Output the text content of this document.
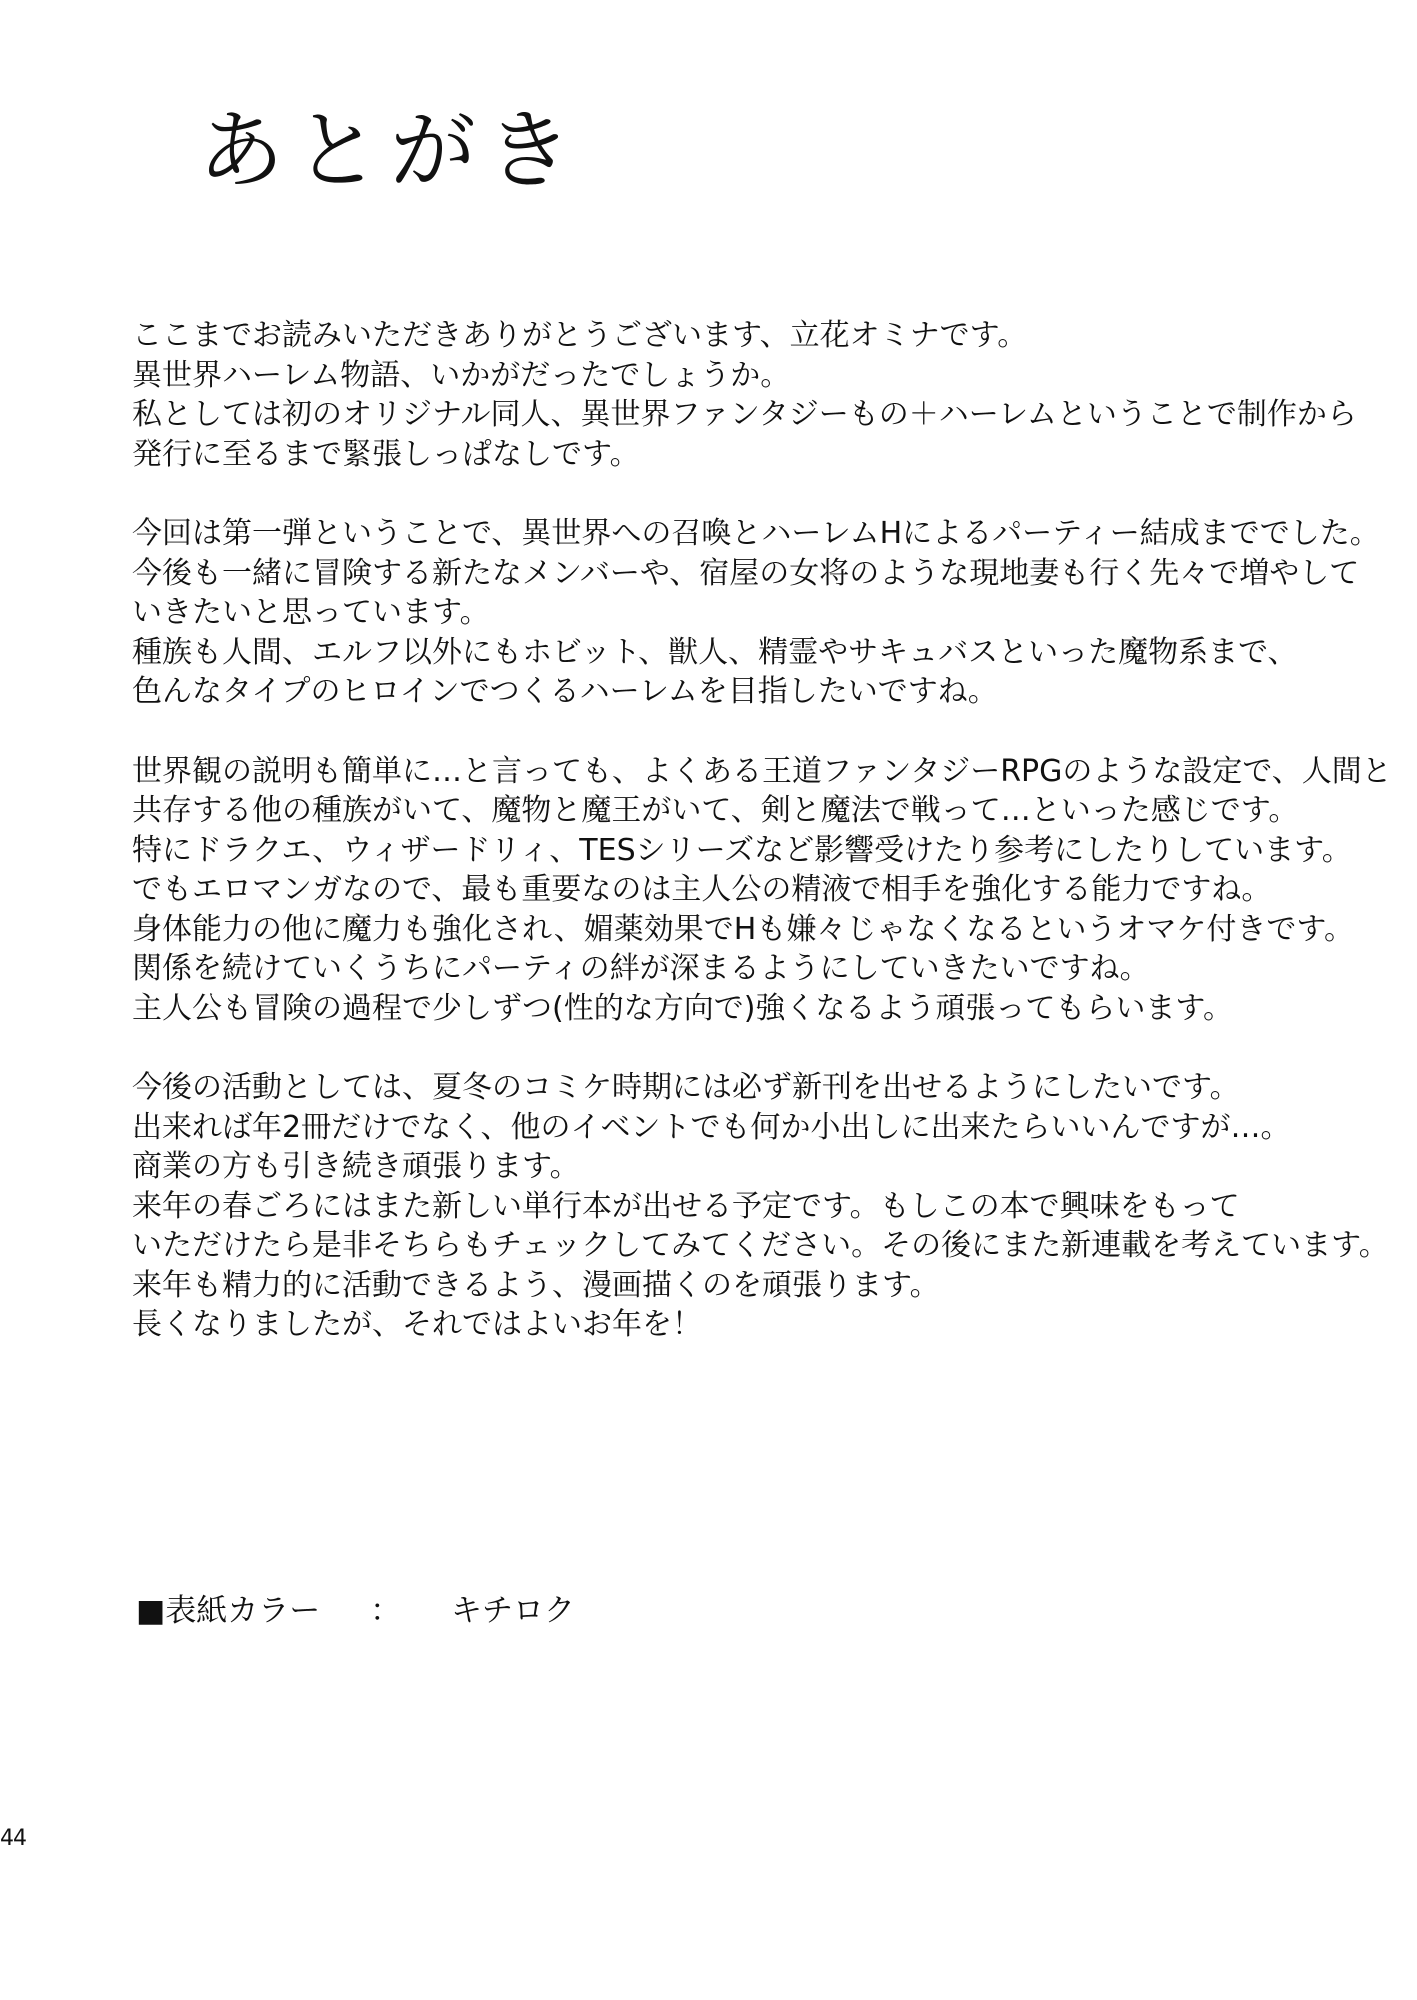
あとがき
ここまでお読みいただきありがとうございます、立花オミナです。
異世界ハーレム物語、いかがだったでしょうか。
私としては初のオリジナル同人、異世界ファンタジーもの＋ハーレムということで制作から
発行に至るまで緊張しっぱなしです。
今回は第一弾ということで、異世界への召喚とハーレムHによるパーティー結成まででした。
今後も一緒に冒険する新たなメンバーや、宿屋の女将のような現地妻も行く先々で増やして
いきたいと思っています。
種族も人間、エルフ以外にもホビット、獣人、精霊やサキュバスといった魔物系まで、
色んなタイプのヒロインでつくるハーレムを目指したいですね。
世界観の説明も簡単に…と言っても、よくある王道ファンタジーRPGのような設定で、人間と
共存する他の種族がいて、魔物と魔王がいて、剣と魔法で戦って…といった感じです。
特にドラクエ、ウィザードリィ、TESシリーズなど影響受けたり参考にしたりしています。
でもエロマンガなので、最も重要なのは主人公の精液で相手を強化する能力ですね。
身体能力の他に魔力も強化され、媚薬効果でHも嫌々じゃなくなるというオマケ付きです。
関係を続けていくうちにパーティの絆が深まるようにしていきたいですね。
主人公も冒険の過程で少しずつ(性的な方向で)強くなるよう頑張ってもらいます。
今後の活動としては、夏冬のコミケ時期には必ず新刊を出せるようにしたいです。
出来れば年2冊だけでなく、他のイベントでも何か小出しに出来たらいいんですが…。
商業の方も引き続き頑張ります。
来年の春ごろにはまた新しい単行本が出せる予定です。もしこの本で興味をもって
いただけたら是非そちらもチェックしてみてください。その後にまた新連載を考えています。
来年も精力的に活動できるよう、漫画描くのを頑張ります。
長くなりましたが、それではよいお年を！
■表紙カラー ： キチロク
44
